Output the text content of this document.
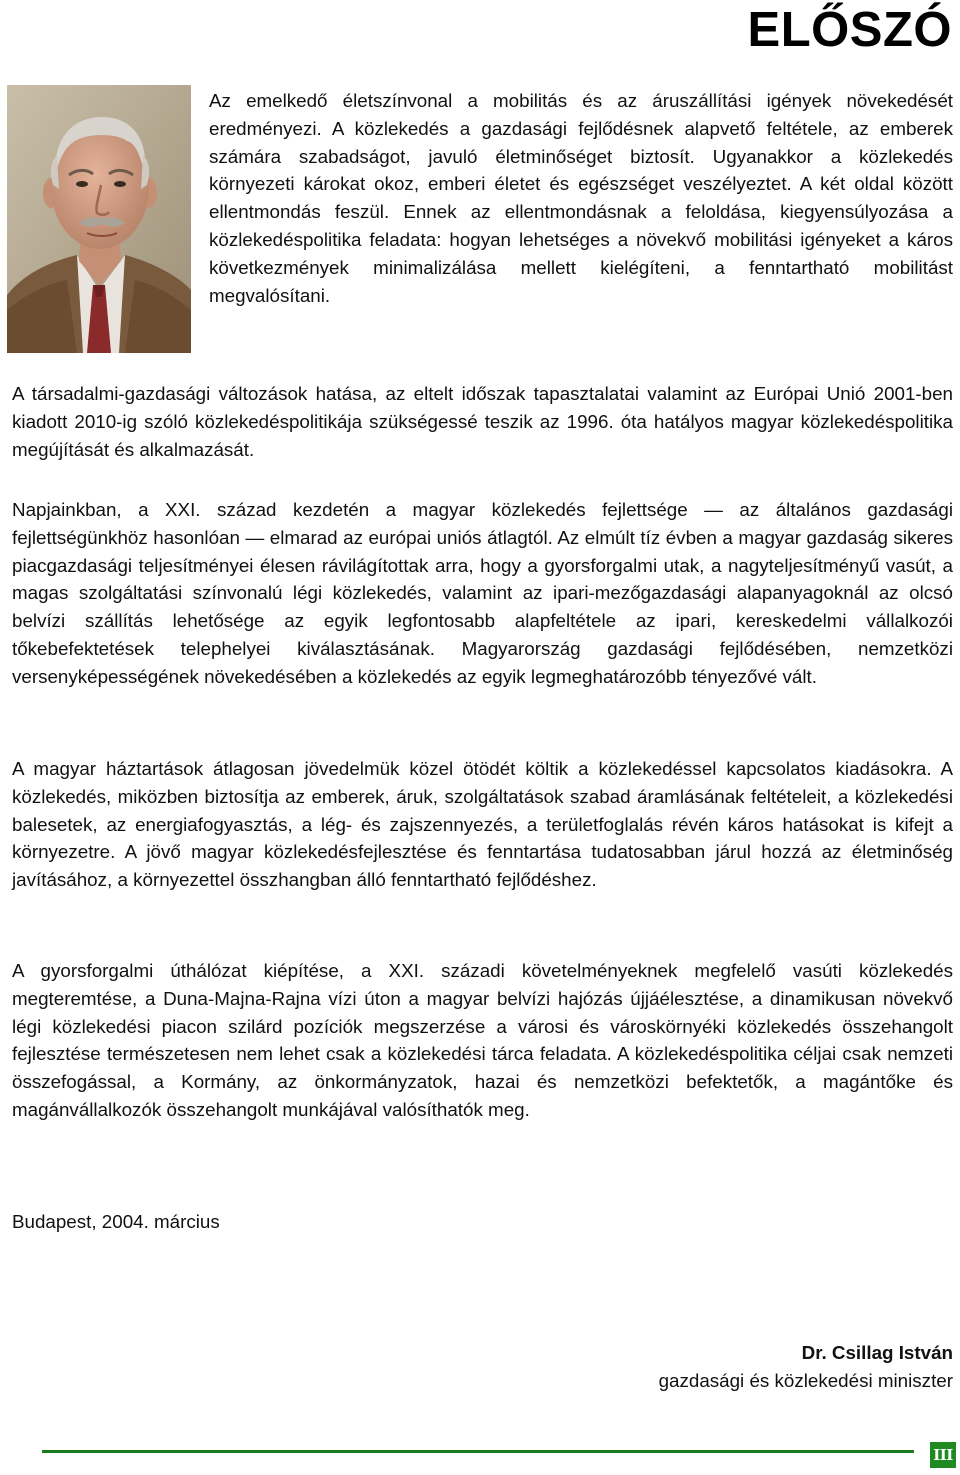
ELŐSZÓ

Az emelkedő életszínvonal a mobilitás és az áruszállítási igények növekedését eredményezi. A közlekedés a gazdasági fejlődésnek alapvető feltétele, az emberek számára szabadságot, javuló életminőséget biztosít. Ugyanakkor a közlekedés környezeti károkat okoz, emberi életet és egészséget veszélyeztet. A két oldal között ellentmondás feszül. Ennek az ellentmondásnak a feloldása, kiegyensúlyozása a közlekedéspolitika feladata: hogyan lehetséges a növekvő mobilitási igényeket a káros következmények minimalizálása mellett kielégíteni, a fenntartható mobilitást megvalósítani.

A társadalmi-gazdasági változások hatása, az eltelt időszak tapasztalatai valamint az Európai Unió 2001-ben kiadott 2010-ig szóló közlekedéspolitikája szükségessé teszik az 1996. óta hatályos magyar közlekedéspolitika megújítását és alkalmazását.

Napjainkban, a XXI. század kezdetén a magyar közlekedés fejlettsége — az általános gazdasági fejlettségünkhöz hasonlóan — elmarad az európai uniós átlagtól. Az elmúlt tíz évben a magyar gazdaság sikeres piacgazdasági teljesítményei élesen rávilágítottak arra, hogy a gyorsforgalmi utak, a nagyteljesítményű vasút, a magas szolgáltatási színvonalú légi közlekedés, valamint az ipari-mezőgazdasági alapanyagoknál az olcsó belvízi szállítás lehetősége az egyik legfontosabb alapfeltétele az ipari, kereskedelmi vállalkozói tőkebefektetések telephelyei kiválasztásának. Magyarország gazdasági fejlődésében, nemzetközi versenyképességének növekedésében a közlekedés az egyik legmeghatározóbb tényezővé vált.

A magyar háztartások átlagosan jövedelmük közel ötödét költik a közlekedéssel kapcsolatos kiadásokra. A közlekedés, miközben biztosítja az emberek, áruk, szolgáltatások szabad áramlásának feltételeit, a közlekedési balesetek, az energiafogyasztás, a lég- és zajszennyezés, a területfoglalás révén káros hatásokat is kifejt a környezetre. A jövő magyar közlekedésfejlesztése és fenntartása tudatosabban járul hozzá az életminőség javításához, a környezettel összhangban álló fenntartható fejlődéshez.

A gyorsforgalmi úthálózat kiépítése, a XXI. századi követelményeknek megfelelő vasúti közlekedés megteremtése, a Duna-Majna-Rajna vízi úton a magyar belvízi hajózás újjáélesztése, a dinamikusan növekvő légi közlekedési piacon szilárd pozíciók megszerzése a városi és városkörnyéki közlekedés összehangolt fejlesztése természetesen nem lehet csak a közlekedési tárca feladata. A közlekedéspolitika céljai csak nemzeti összefogással, a Kormány, az önkormányzatok, hazai és nemzetközi befektetők, a magántőke és magánvállalkozók összehangolt munkájával valósíthatók meg.

Budapest, 2004. március

Dr. Csillag István
gazdasági és közlekedési miniszter
III
